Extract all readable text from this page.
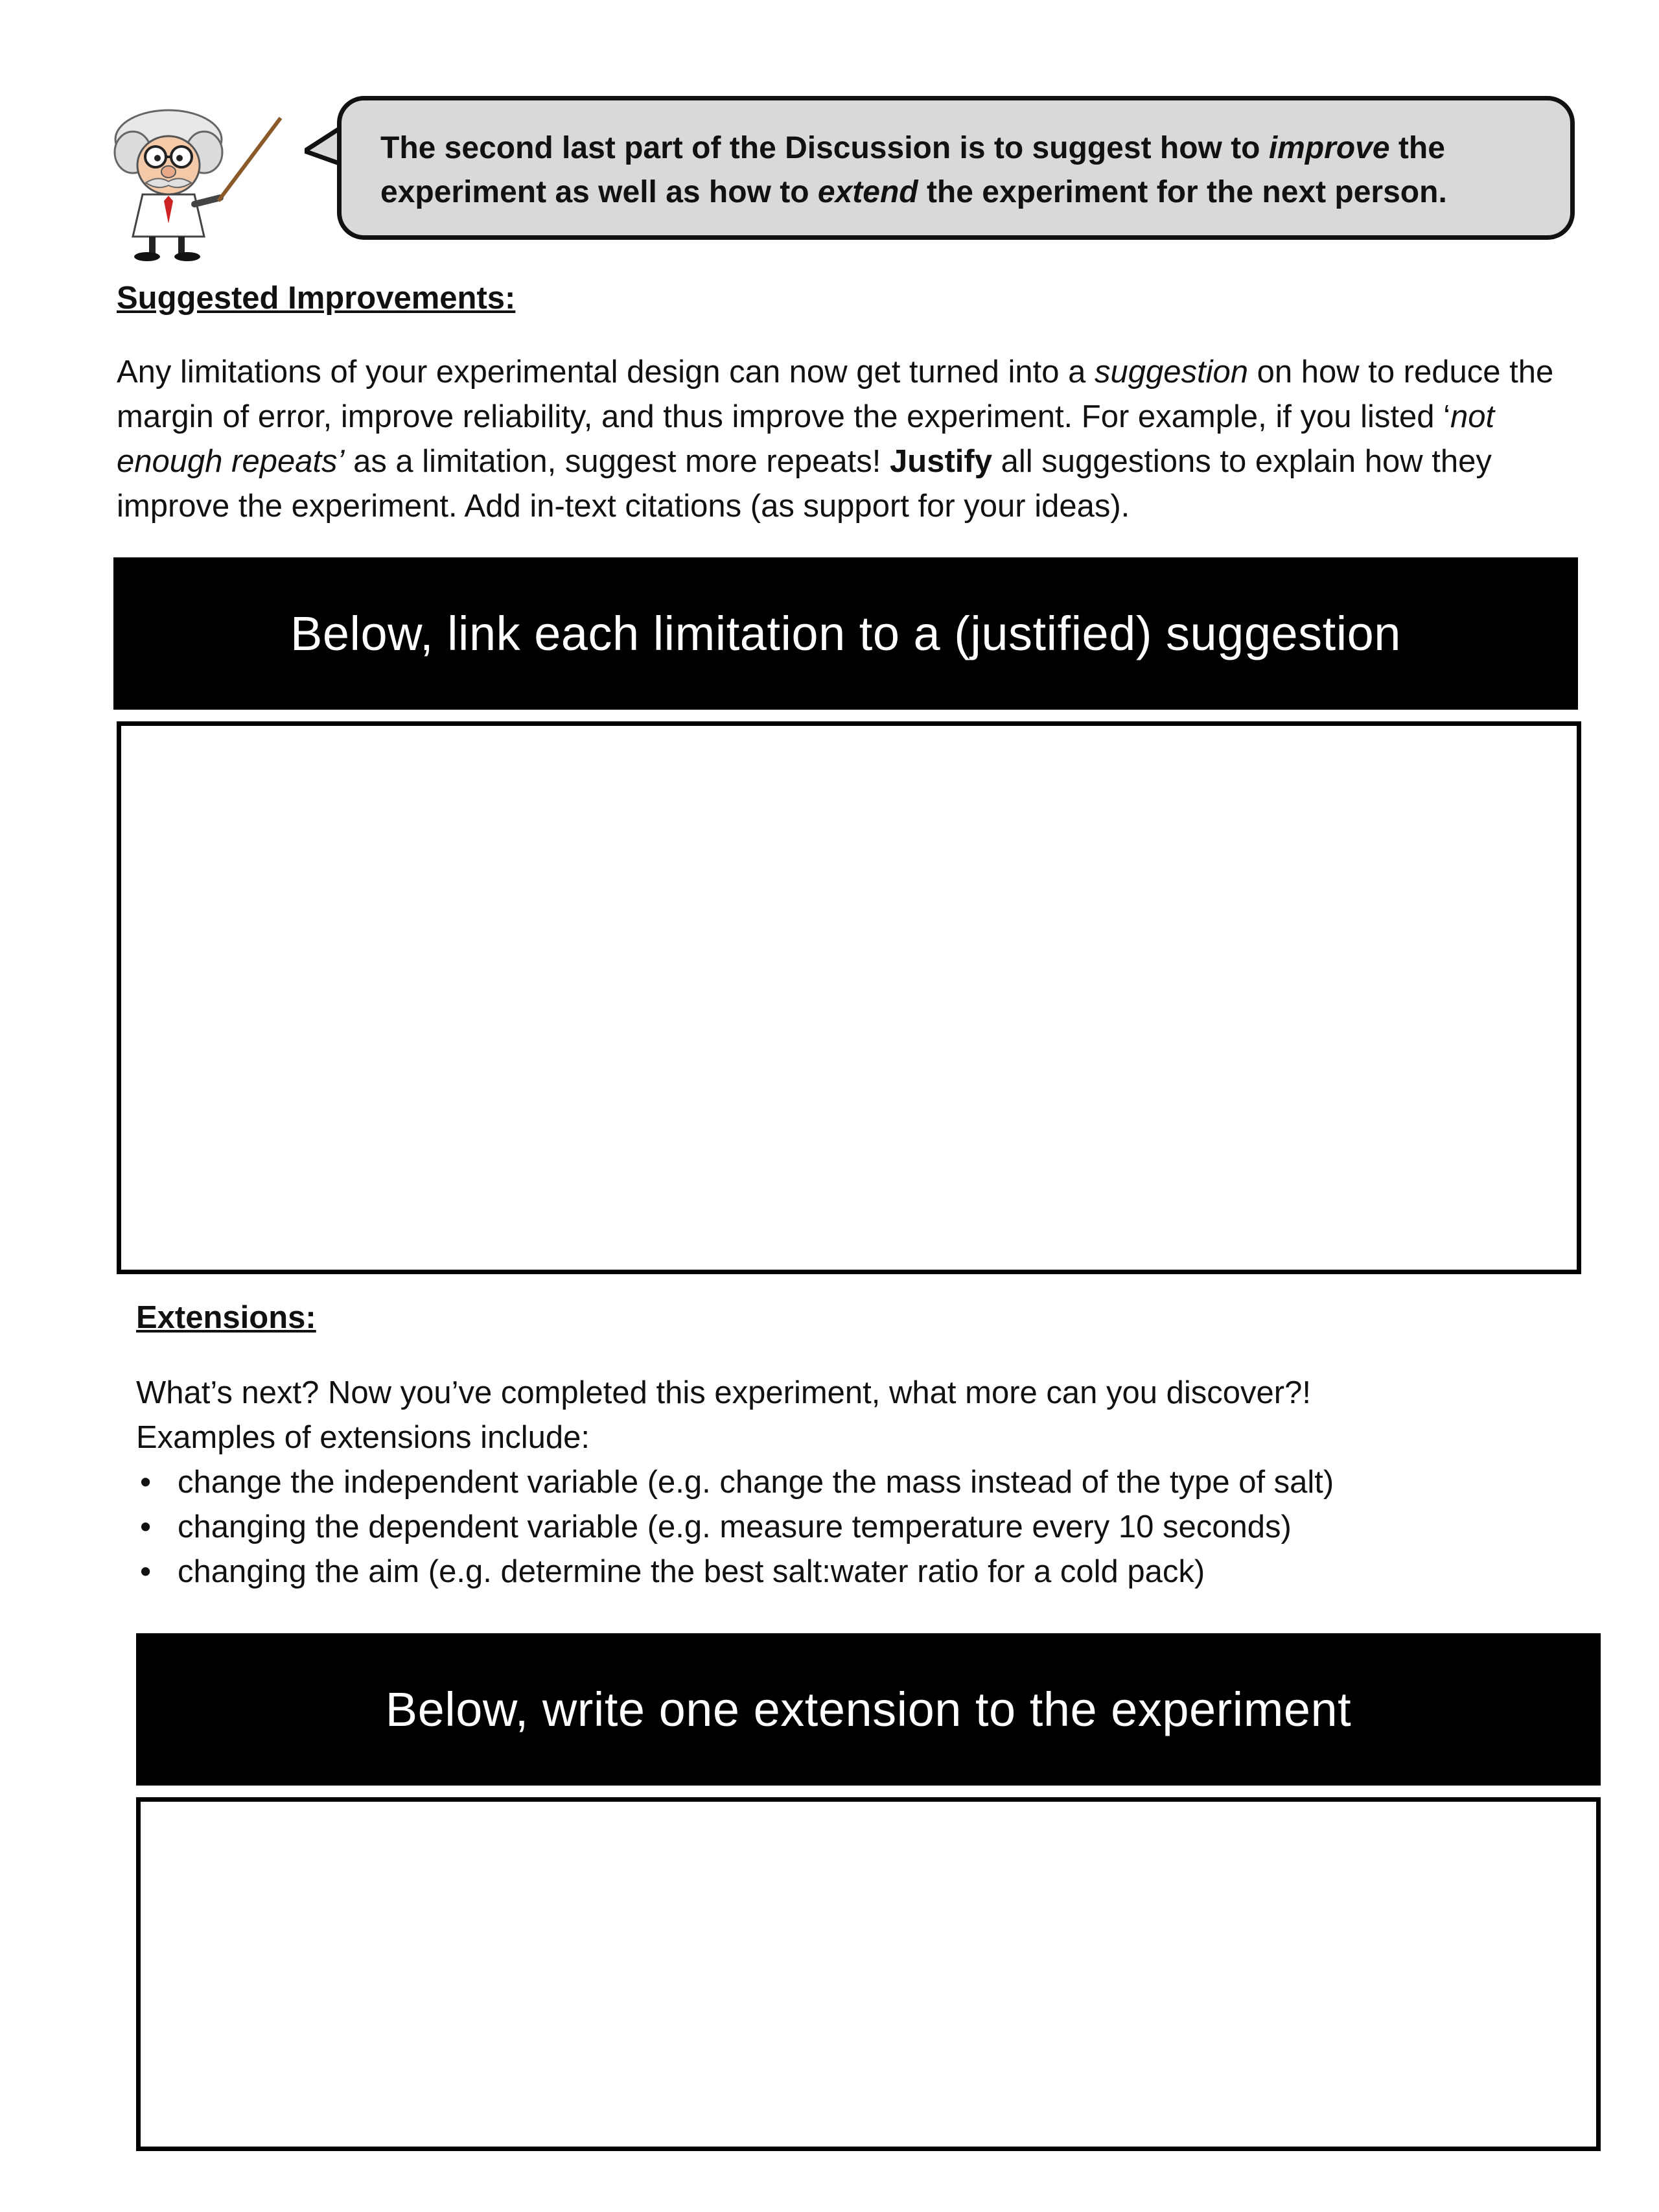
The second last part of the Discussion is to suggest how to improve the experiment as well as how to extend the experiment for the next person.
Suggested Improvements:
Any limitations of your experimental design can now get turned into a suggestion on how to reduce the margin of error, improve reliability, and thus improve the experiment. For example, if you listed ‘not enough repeats’ as a limitation, suggest more repeats! Justify all suggestions to explain how they improve the experiment. Add in-text citations (as support for your ideas).
Below, link each limitation to a (justified) suggestion
Extensions:
What’s next? Now you’ve completed this experiment, what more can you discover?!
Examples of extensions include:
• change the independent variable (e.g. change the mass instead of the type of salt)
• changing the dependent variable (e.g. measure temperature every 10 seconds)
• changing the aim (e.g. determine the best salt:water ratio for a cold pack)
Below, write one extension to the experiment
